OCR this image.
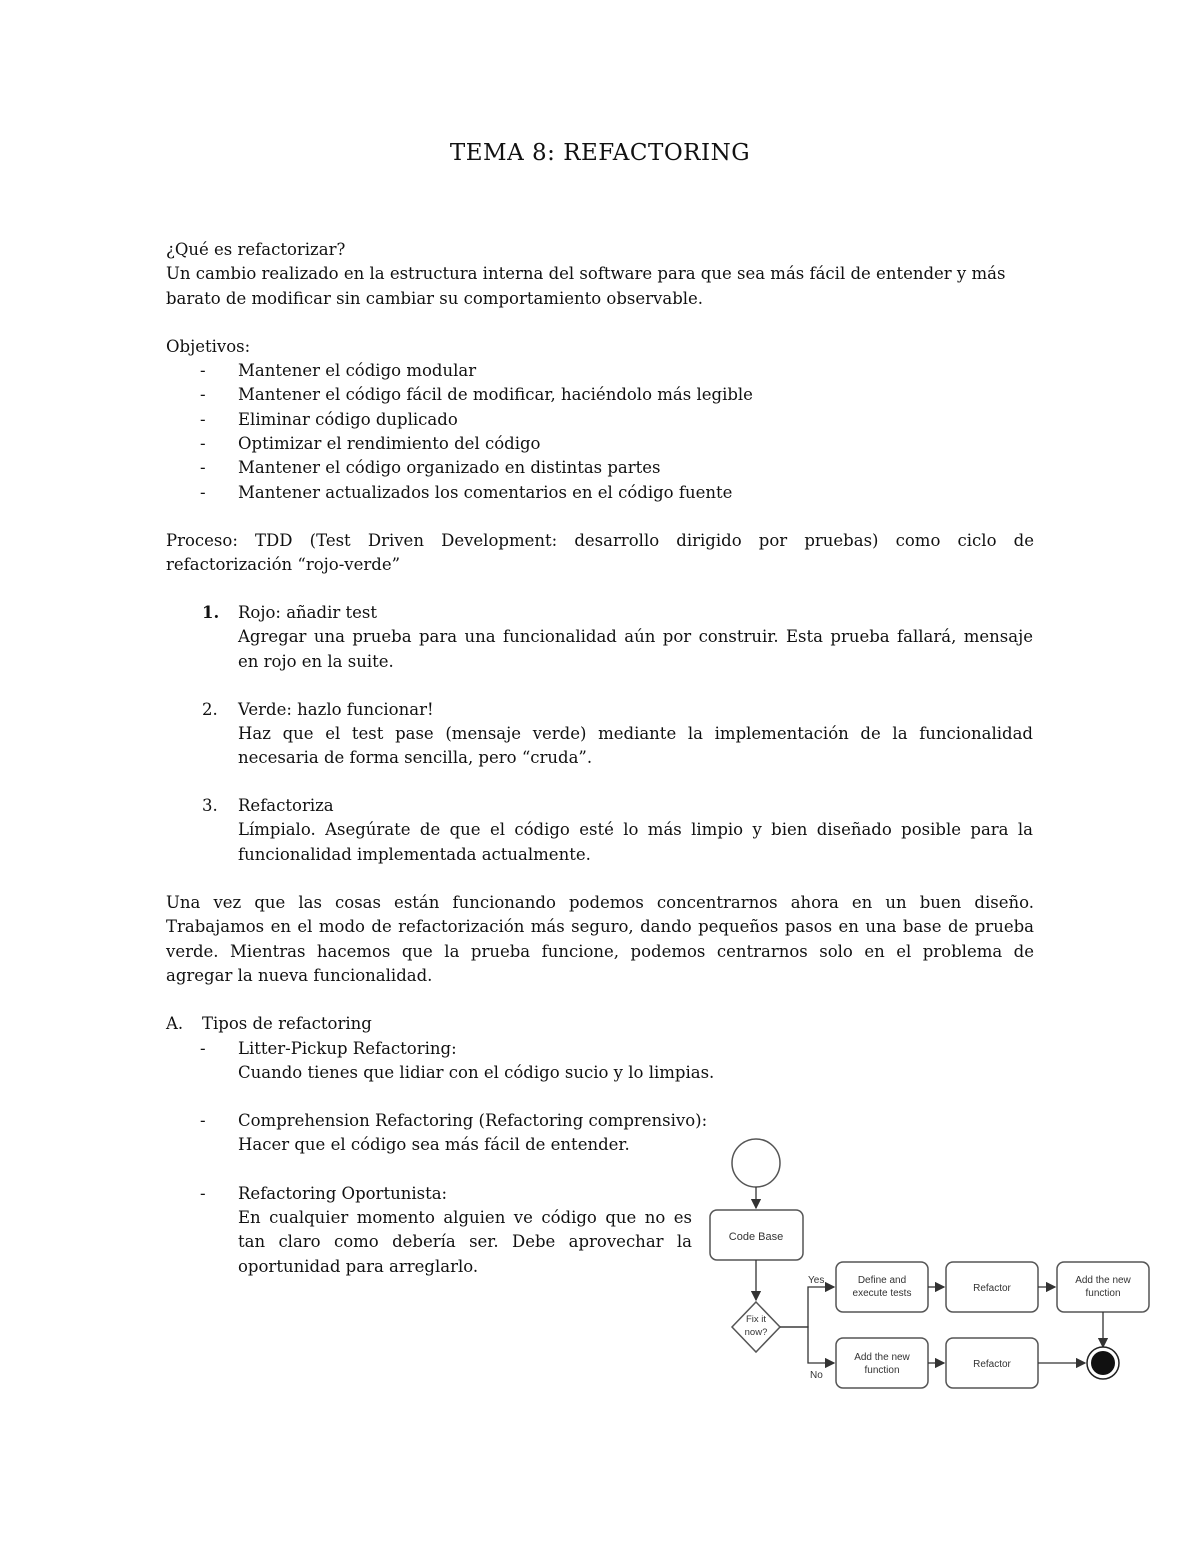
TEMA 8: REFACTORING
¿Qué es refactorizar?
Un cambio realizado en la estructura interna del software para que sea más fácil de entender y más
barato de modificar sin cambiar su comportamiento observable.
Objetivos:
-	Mantener el código modular
-	Mantener el código fácil de modificar, haciéndolo más legible
-	Eliminar código duplicado
-	Optimizar el rendimiento del código
-	Mantener el código organizado en distintas partes
-	Mantener actualizados los comentarios en el código fuente
Proceso: TDD (Test Driven Development: desarrollo dirigido por pruebas) como ciclo de
refactorización “rojo-verde”
1. Rojo: añadir test
Agregar una prueba para una funcionalidad aún por construir. Esta prueba fallará, mensaje
en rojo en la suite.
2. Verde: hazlo funcionar!
Haz que el test pase (mensaje verde) mediante la implementación de la funcionalidad
necesaria de forma sencilla, pero “cruda”.
3. Refactoriza
Límpialo. Asegúrate de que el código esté lo más limpio y bien diseñado posible para la
funcionalidad implementada actualmente.
Una vez que las cosas están funcionando podemos concentrarnos ahora en un buen diseño.
Trabajamos en el modo de refactorización más seguro, dando pequeños pasos en una base de prueba
verde. Mientras hacemos que la prueba funcione, podemos centrarnos solo en el problema de
agregar la nueva funcionalidad.
A. Tipos de refactoring
-	Litter-Pickup Refactoring:
Cuando tienes que lidiar con el código sucio y lo limpias.
-	Comprehension Refactoring (Refactoring comprensivo):
Hacer que el código sea más fácil de entender.
-	Refactoring Oportunista:
En cualquier momento alguien ve código que no es
tan claro como debería ser. Debe aprovechar la
oportunidad para arreglarlo.
Code Base
Fix it
now?
Yes
No
Define and
execute tests	Refactor
Add the new
function
Add the new
function
Refactor
